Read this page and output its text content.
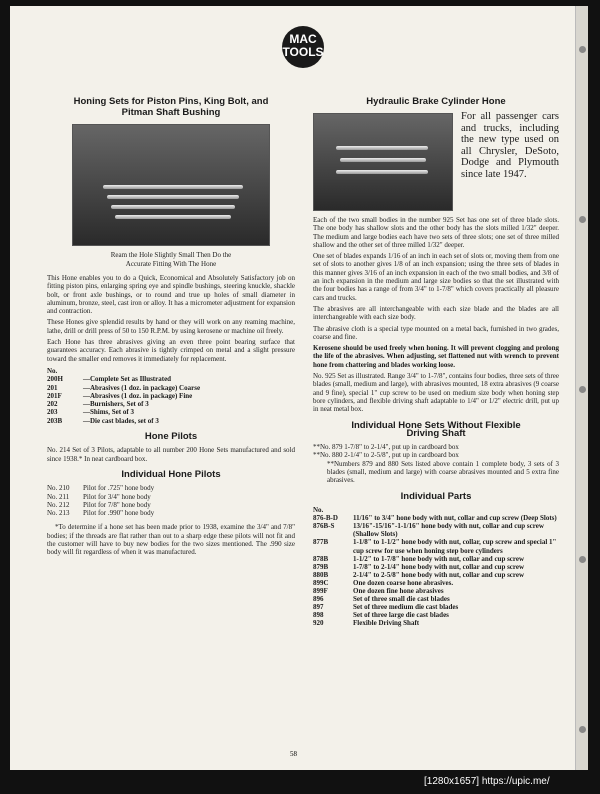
MAC
TOOLS
Honing Sets for Piston Pins, King Bolt, and
Pitman Shaft Bushing
Ream the Hole Slightly Small Then Do the
Accurate Fitting With The Hone

This Hone enables you to do a Quick, Economical and Absolutely Satisfactory job on fitting piston pins, enlarging spring eye and spindle bushings, steering knuckle, shackle bolt, or front axle bushings, or to round and true up holes of small diameter in aluminum, bronze, steel, cast iron or alloy. It has a micrometer adjustment for expansion and contraction.

These Hones give splendid results by hand or they will work on any reaming machine, lathe, drill or drill press of 50 to 150 R.P.M. by using kerosene or machine oil freely.

Each Hone has three abrasives giving an even three point bearing surface that guarantees accuracy. Each abrasive is tightly crimped on metal and a slight pressure toward the smaller end removes it immediately for replacement.

No.
200H	—Complete Set as Illustrated
201	—Abrasives (1 doz. in package) Coarse
201F	—Abrasives (1 doz. in package) Fine
202	—Burnishers, Set of 3
203	—Shims, Set of 3
203B	—Die cast blades, set of 3
Hone Pilots

No. 214 Set of 3 Pilots, adaptable to all number 200 Hone Sets manufactured and sold since 1938.* In neat cardboard box.

Individual Hone Pilots
No. 210 Pilot for .725" hone body
No. 211 Pilot for 3/4" hone body
No. 212 Pilot for 7/8" hone body
No. 213 Pilot for .990" hone body

*To determine if a hone set has been made prior to 1938, examine the 3/4" and 7/8" bodies; if the threads are flat rather than out to a sharp edge these pilots will not fit and the customer will have to buy new bodies for the two sizes mentioned. The .990 size body will fit regardless of when it was manufactured.

Hydraulic Brake Cylinder Hone
For all passenger cars and trucks, including the new type used on all Chrysler, DeSoto, Dodge and Plymouth since late 1947.

Each of the two small bodies in the number 925 Set has one set of three blade slots. The one body has shallow slots and the other body has the slots milled 1/32" deeper. The medium and large bodies each have two sets of three slots; one set of three milled shallow and the other set of three milled 1/32" deeper.

One set of blades expands 1/16 of an inch in each set of slots or, moving them from one set of slots to another gives 1/8 of an inch expansion; using the three sets of blades in this manner gives 3/16 of an inch expansion in each of the two small bodies, and 3/8 of an inch expansion in the medium and large size bodies so that the set illustrated with the four bodies has a range of from 3/4" to 1-7/8" which covers practically all pleasure cars and trucks.

The abrasives are all interchangeable with each size blade and the blades are all interchangeable with each size body.

The abrasive cloth is a special type mounted on a metal back, furnished in two grades, coarse and fine.

Kerosene should be used freely when honing. It will prevent clogging and prolong the life of the abrasives. When adjusting, set flattened nut with wrench to prevent hone from chattering and blades working loose.

No. 925 Set as illustrated. Range 3/4" to 1-7/8", contains four bodies, three sets of three blades (small, medium and large), with abrasives mounted, 18 extra abrasives (9 coarse and 9 fine), special 1" cup screw to be used on medium size body when honing step bore cylinders, and flexible driving shaft adaptable to 1/4" or 1/2" electric drill, put up in neat metal box.

Individual Hone Sets Without Flexible
Driving Shaft
**No. 879 1-7/8" to 2-1/4", put up in cardboard box
**No. 880 2-1/4" to 2-5/8", put up in cardboard box

**Numbers 879 and 880 Sets listed above contain 1 complete body, 3 sets of 3 blades (small, medium and large) with coarse abrasives mounted and 5 extra fine abrasives.

Individual Parts
No.
876-B-D	11/16" to 3/4" hone body with nut, collar and cup screw (Deep Slots)
876B-S	13/16"-15/16"-1-1/16" hone body with nut, collar and cup screw (Shallow Slots)
877B	1-1/8" to 1-1/2" hone body with nut, collar, cup screw and special 1" cup screw for use when honing step bore cylinders
878B	1-1/2" to 1-7/8" hone body with nut, collar and cup screw
879B	1-7/8" to 2-1/4" hone body with nut, collar and cup screw
880B	2-1/4" to 2-5/8" hone body with nut, collar and cup screw
899C	One dozen coarse hone abrasives.
899F	One dozen fine hone abrasives
896	Set of three small die cast blades
897	Set of three medium die cast blades
898	Set of three large die cast blades
920	Flexible Driving Shaft
58
[1280x1657] https://upic.me/
